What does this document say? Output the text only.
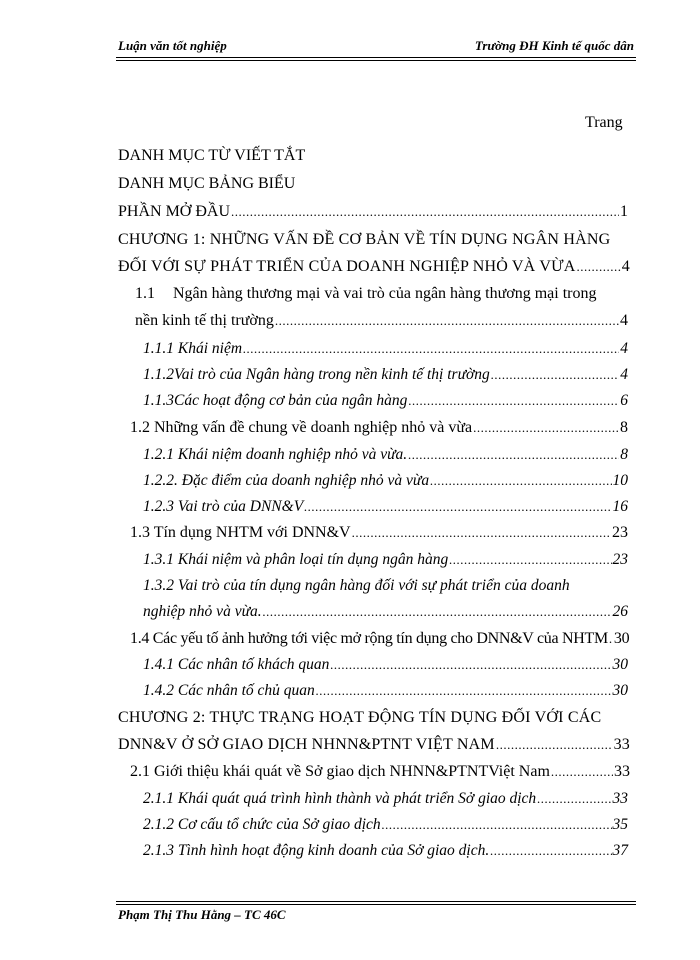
Luận văn tốt nghiệp	Trường ĐH Kinh tế quốc dân
Trang
DANH MỤC TỪ VIẾT TẮT
DANH MỤC BẢNG BIỂU
PHẦN MỞ ĐẦU .....	1
CHƯƠNG 1: NHỮNG VẤN ĐỀ CƠ BẢN VỀ TÍN DỤNG NGÂN HÀNG
ĐỐI VỚI SỰ PHÁT TRIỂN CỦA DOANH NGHIỆP NHỎ VÀ VỪA .....	4
1.1 Ngân hàng thương mại và vai trò của ngân hàng thương mại trong
nền kinh tế thị trường .....	4
1.1.1 Khái niệm .....	4
1.1.2Vai trò của Ngân hàng trong nền kinh tế thị trường .....	4
1.1.3Các hoạt động cơ bản của ngân hàng .....	6
1.2 Những vấn đề chung về doanh nghiệp nhỏ và vừa .....	8
1.2.1 Khái niệm doanh nghiệp nhỏ và vừa. .....	8
1.2.2. Đặc điểm của doanh nghiệp nhỏ và vừa .....	10
1.2.3 Vai trò của DNN&V .....	16
1.3 Tín dụng NHTM với DNN&V .....	23
1.3.1 Khái niệm và phân loại tín dụng ngân hàng .....	23
1.3.2 Vai trò của tín dụng ngân hàng đối với sự phát triển của doanh
nghiệp nhỏ và vừa. .....	26
1.4 Các yếu tố ảnh hưởng tới việc mở rộng tín dụng cho DNN&V của NHTM ..... 30
1.4.1 Các nhân tố khách quan .....	30
1.4.2 Các nhân tố chủ quan .....	30
CHƯƠNG 2: THỰC TRẠNG HOẠT ĐỘNG TÍN DỤNG ĐỐI VỚI CÁC
DNN&V Ở SỞ GIAO DỊCH NHNN&PTNT VIỆT NAM .....	33
2.1 Giới thiệu khái quát về Sở giao dịch NHNN&PTNTViệt Nam .....	33
2.1.1 Khái quát quá trình hình thành và phát triển Sở giao dịch .....	33
2.1.2 Cơ cấu tổ chức của Sở giao dịch .....	35
2.1.3 Tình hình hoạt động kinh doanh của Sở giao dịch. .....	37
Phạm Thị Thu Hằng – TC 46C
